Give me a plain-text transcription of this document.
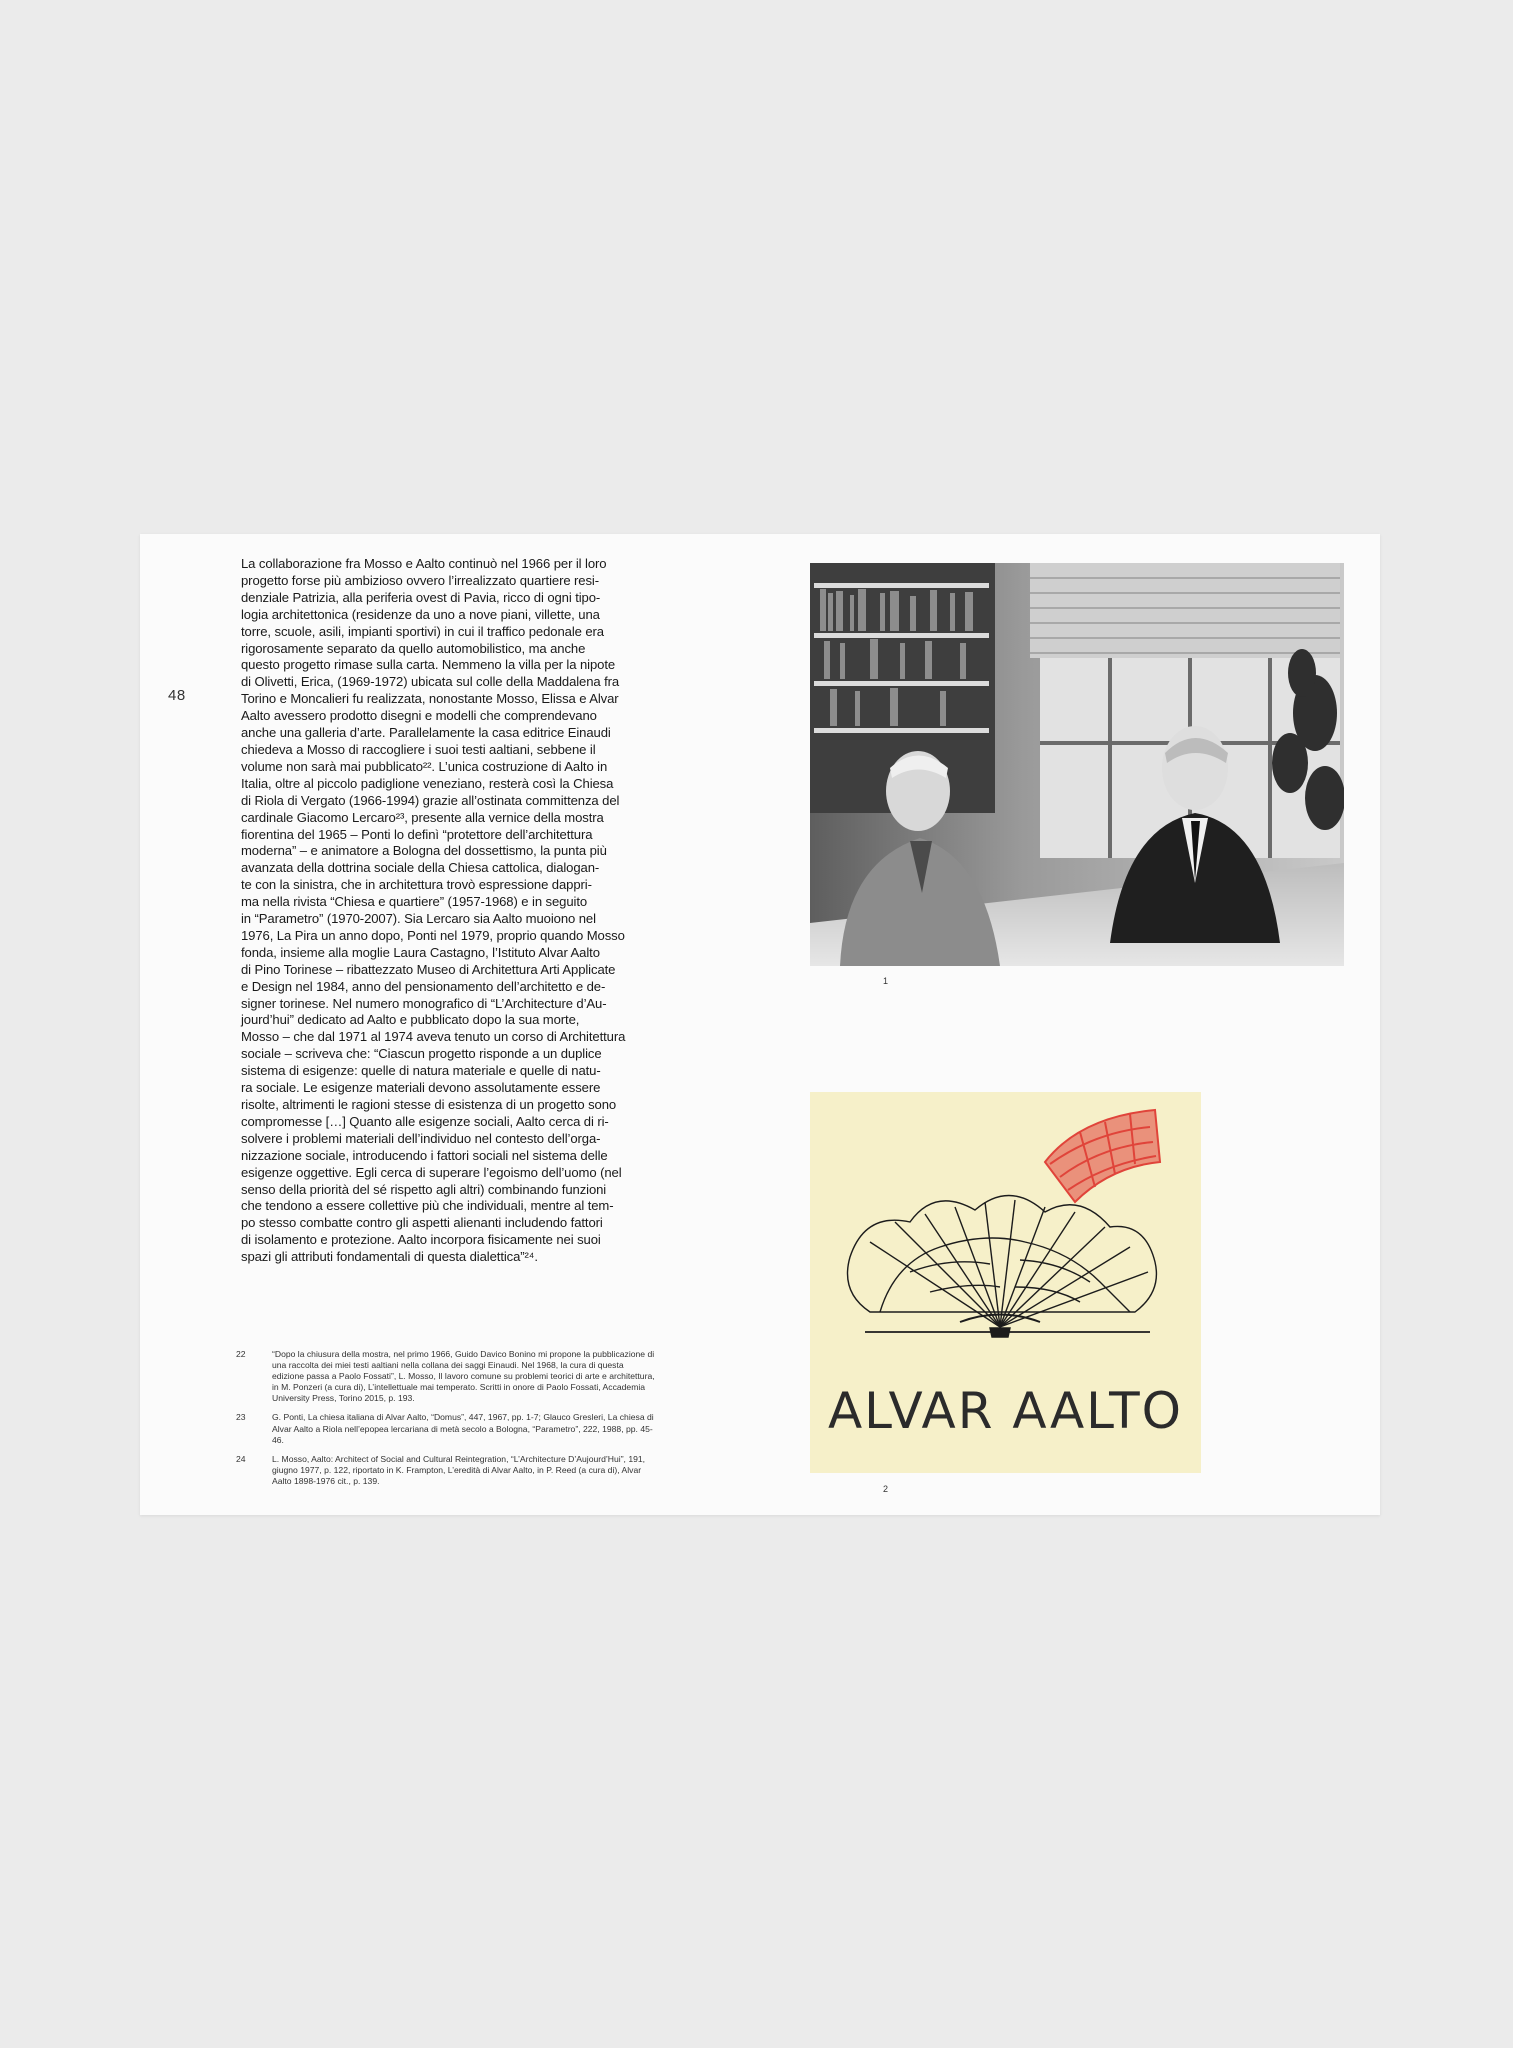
48
La collaborazione fra Mosso e Aalto continuò nel 1966 per il loro
progetto forse più ambizioso ovvero l’irrealizzato quartiere resi-
denziale Patrizia, alla periferia ovest di Pavia, ricco di ogni tipo-
logia architettonica (residenze da uno a nove piani, villette, una
torre, scuole, asili, impianti sportivi) in cui il traffico pedonale era
rigorosamente separato da quello automobilistico, ma anche
questo progetto rimase sulla carta. Nemmeno la villa per la nipote
di Olivetti, Erica, (1969-1972) ubicata sul colle della Maddalena fra
Torino e Moncalieri fu realizzata, nonostante Mosso, Elissa e Alvar
Aalto avessero prodotto disegni e modelli che comprendevano
anche una galleria d’arte. Parallelamente la casa editrice Einaudi
chiedeva a Mosso di raccogliere i suoi testi aaltiani, sebbene il
volume non sarà mai pubblicato²². L’unica costruzione di Aalto in
Italia, oltre al piccolo padiglione veneziano, resterà così la Chiesa
di Riola di Vergato (1966-1994) grazie all’ostinata committenza del
cardinale Giacomo Lercaro²³, presente alla vernice della mostra
fiorentina del 1965 – Ponti lo definì “protettore dell’architettura
moderna” – e animatore a Bologna del dossettismo, la punta più
avanzata della dottrina sociale della Chiesa cattolica, dialogan-
te con la sinistra, che in architettura trovò espressione dappri-
ma nella rivista “Chiesa e quartiere” (1957-1968) e in seguito
in “Parametro” (1970-2007). Sia Lercaro sia Aalto muoiono nel
1976, La Pira un anno dopo, Ponti nel 1979, proprio quando Mosso
fonda, insieme alla moglie Laura Castagno, l’Istituto Alvar Aalto
di Pino Torinese – ribattezzato Museo di Architettura Arti Applicate
e Design nel 1984, anno del pensionamento dell’architetto e de-
signer torinese. Nel numero monografico di “L’Architecture d’Au-
jourd’hui” dedicato ad Aalto e pubblicato dopo la sua morte,
Mosso – che dal 1971 al 1974 aveva tenuto un corso di Architettura
sociale – scriveva che: “Ciascun progetto risponde a un duplice
sistema di esigenze: quelle di natura materiale e quelle di natu-
ra sociale. Le esigenze materiali devono assolutamente essere
risolte, altrimenti le ragioni stesse di esistenza di un progetto sono
compromesse […] Quanto alle esigenze sociali, Aalto cerca di ri-
solvere i problemi materiali dell’individuo nel contesto dell’orga-
nizzazione sociale, introducendo i fattori sociali nel sistema delle
esigenze oggettive. Egli cerca di superare l’egoismo dell’uomo (nel
senso della priorità del sé rispetto agli altri) combinando funzioni
che tendono a essere collettive più che individuali, mentre al tem-
po stesso combatte contro gli aspetti alienanti includendo fattori
di isolamento e protezione. Aalto incorpora fisicamente nei suoi
spazi gli attributi fondamentali di questa dialettica”²⁴.
22	“Dopo la chiusura della mostra, nel primo 1966, Guido Davico Bonino mi propone la pubblicazione di una raccolta dei miei testi aaltiani nella collana dei saggi Einaudi. Nel 1968, la cura di questa edizione passa a Paolo Fossati”, L. Mosso, Il lavoro comune su problemi teorici di arte e architettura, in M. Ponzeri (a cura di), L’intellettuale mai temperato. Scritti in onore di Paolo Fossati, Accademia University Press, Torino 2015, p. 193.
23	G. Ponti, La chiesa italiana di Alvar Aalto, “Domus”, 447, 1967, pp. 1-7; Glauco Gresleri, La chiesa di Alvar Aalto a Riola nell’epopea lercariana di metà secolo a Bologna, “Parametro”, 222, 1988, pp. 45-46.
24	L. Mosso, Aalto: Architect of Social and Cultural Reintegration, “L’Architecture D’Aujourd’Hui”, 191, giugno 1977, p. 122, riportato in K. Frampton, L’eredità di Alvar Aalto, in P. Reed (a cura di), Alvar Aalto 1898-1976 cit., p. 139.
1
ALVAR AALTO
2
